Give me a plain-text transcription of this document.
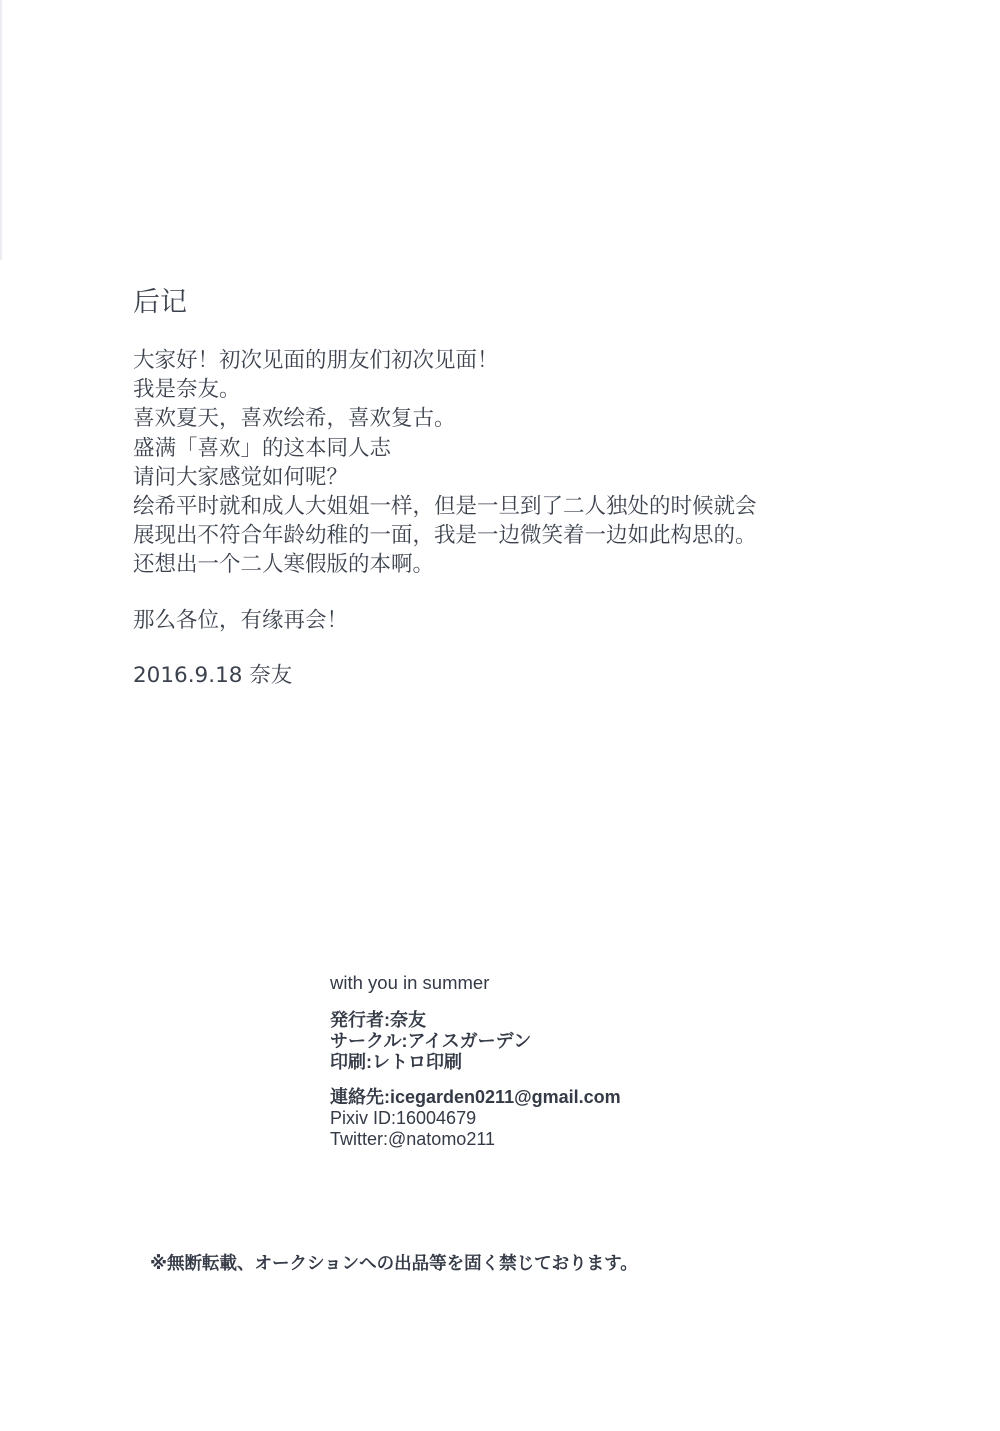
后记

大家好！初次见面的朋友们初次见面！

我是奈友。

喜欢夏天，喜欢绘希，喜欢复古。

盛满「喜欢」的这本同人志

请问大家感觉如何呢？

绘希平时就和成人大姐姐一样，但是一旦到了二人独处的时候就会

展现出不符合年龄幼稚的一面，我是一边微笑着一边如此构思的。

还想出一个二人寒假版的本啊。

那么各位，有缘再会！

2016.9.18 奈友
with you in summer
発行者:奈友
サークル:アイスガーデン
印刷:レトロ印刷
連絡先:icegarden0211@gmail.com
Pixiv ID:16004679
Twitter:@natomo211
※無断転載、オークションへの出品等を固く禁じております。
